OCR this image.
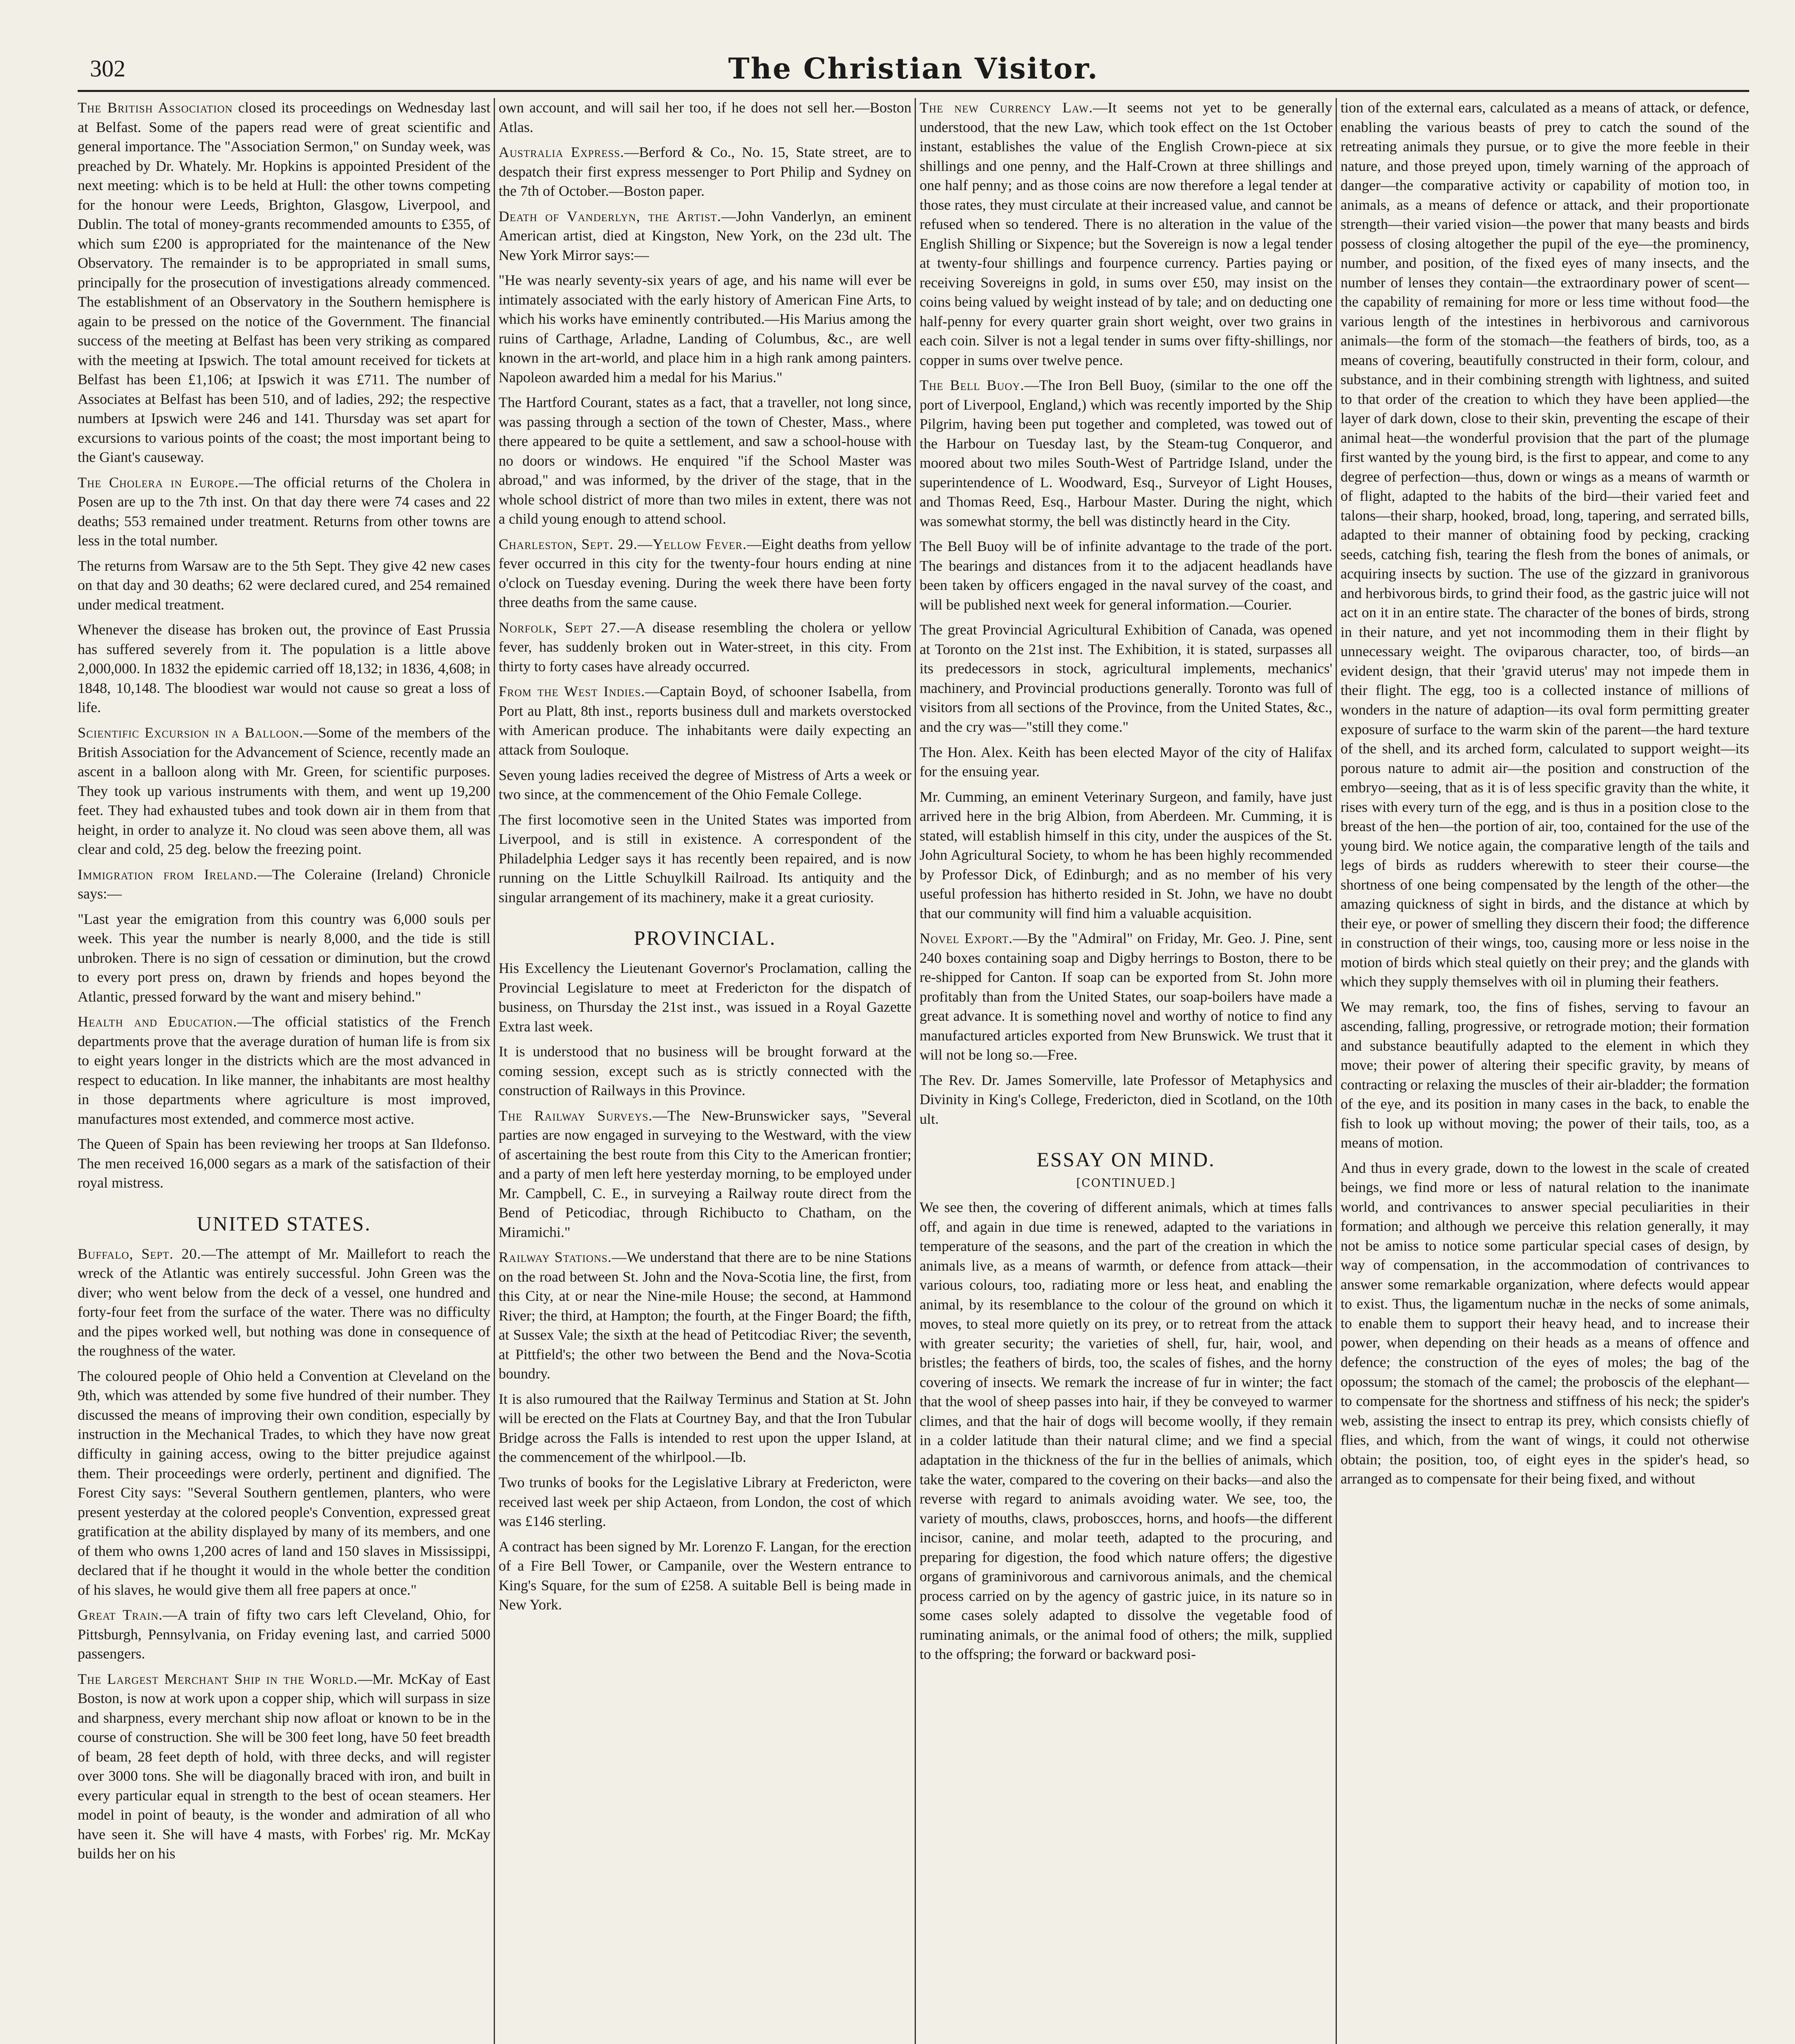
302	The Christian Visitor.

The British Association closed its proceedings on Wednesday last at Belfast. Some of the papers read were of great scientific and general importance. The "Association Sermon," on Sunday week, was preached by Dr. Whately. Mr. Hopkins is appointed President of the next meeting: which is to be held at Hull: the other towns competing for the honour were Leeds, Brighton, Glasgow, Liverpool, and Dublin. The total of money-grants recommended amounts to £355, of which sum £200 is appropriated for the maintenance of the New Observatory. The remainder is to be appropriated in small sums, principally for the prosecution of investigations already commenced. The establishment of an Observatory in the Southern hemisphere is again to be pressed on the notice of the Government. The financial success of the meeting at Belfast has been very striking as compared with the meeting at Ipswich. The total amount received for tickets at Belfast has been £1,106; at Ipswich it was £711. The number of Associates at Belfast has been 510, and of ladies, 292; the respective numbers at Ipswich were 246 and 141. Thursday was set apart for excursions to various points of the coast; the most important being to the Giant's causeway.

The Cholera in Europe.—The official returns of the Cholera in Posen are up to the 7th inst. On that day there were 74 cases and 22 deaths; 553 remained under treatment. Returns from other towns are less in the total number.

The returns from Warsaw are to the 5th Sept. They give 42 new cases on that day and 30 deaths; 62 were declared cured, and 254 remained under medical treatment.

Whenever the disease has broken out, the province of East Prussia has suffered severely from it. The population is a little above 2,000,000. In 1832 the epidemic carried off 18,132; in 1836, 4,608; in 1848, 10,148. The bloodiest war would not cause so great a loss of life.

Scientific Excursion in a Balloon.—Some of the members of the British Association for the Advancement of Science, recently made an ascent in a balloon along with Mr. Green, for scientific purposes. They took up various instruments with them, and went up 19,200 feet. They had exhausted tubes and took down air in them from that height, in order to analyze it. No cloud was seen above them, all was clear and cold, 25 deg. below the freezing point.

Immigration from Ireland.—The Coleraine (Ireland) Chronicle says:—

"Last year the emigration from this country was 6,000 souls per week. This year the number is nearly 8,000, and the tide is still unbroken. There is no sign of cessation or diminution, but the crowd to every port press on, drawn by friends and hopes beyond the Atlantic, pressed forward by the want and misery behind."

Health and Education.—The official statistics of the French departments prove that the average duration of human life is from six to eight years longer in the districts which are the most advanced in respect to education. In like manner, the inhabitants are most healthy in those departments where agriculture is most improved, manufactures most extended, and commerce most active.

The Queen of Spain has been reviewing her troops at San Ildefonso. The men received 16,000 segars as a mark of the satisfaction of their royal mistress.

UNITED STATES.

Buffalo, Sept. 20.—The attempt of Mr. Maillefort to reach the wreck of the Atlantic was entirely successful. John Green was the diver; who went below from the deck of a vessel, one hundred and forty-four feet from the surface of the water. There was no difficulty and the pipes worked well, but nothing was done in consequence of the roughness of the water.

The coloured people of Ohio held a Convention at Cleveland on the 9th, which was attended by some five hundred of their number. They discussed the means of improving their own condition, especially by instruction in the Mechanical Trades, to which they have now great difficulty in gaining access, owing to the bitter prejudice against them. Their proceedings were orderly, pertinent and dignified. The Forest City says: "Several Southern gentlemen, planters, who were present yesterday at the colored people's Convention, expressed great gratification at the ability displayed by many of its members, and one of them who owns 1,200 acres of land and 150 slaves in Mississippi, declared that if he thought it would in the whole better the condition of his slaves, he would give them all free papers at once."

Great Train.—A train of fifty two cars left Cleveland, Ohio, for Pittsburgh, Pennsylvania, on Friday evening last, and carried 5000 passengers.

The Largest Merchant Ship in the World.—Mr. McKay of East Boston, is now at work upon a copper ship, which will surpass in size and sharpness, every merchant ship now afloat or known to be in the course of construction. She will be 300 feet long, have 50 feet breadth of beam, 28 feet depth of hold, with three decks, and will register over 3000 tons. She will be diagonally braced with iron, and built in every particular equal in strength to the best of ocean steamers. Her model in point of beauty, is the wonder and admiration of all who have seen it. She will have 4 masts, with Forbes' rig. Mr. McKay builds her on his

own account, and will sail her too, if he does not sell her.—Boston Atlas.

Australia Express.—Berford & Co., No. 15, State street, are to despatch their first express messenger to Port Philip and Sydney on the 7th of October.—Boston paper.

Death of Vanderlyn, the Artist.—John Vanderlyn, an eminent American artist, died at Kingston, New York, on the 23d ult. The New York Mirror says:—

"He was nearly seventy-six years of age, and his name will ever be intimately associated with the early history of American Fine Arts, to which his works have eminently contributed.—His Marius among the ruins of Carthage, Arladne, Landing of Columbus, &c., are well known in the art-world, and place him in a high rank among painters. Napoleon awarded him a medal for his Marius."

The Hartford Courant, states as a fact, that a traveller, not long since, was passing through a section of the town of Chester, Mass., where there appeared to be quite a settlement, and saw a school-house with no doors or windows. He enquired "if the School Master was abroad," and was informed, by the driver of the stage, that in the whole school district of more than two miles in extent, there was not a child young enough to attend school.

Charleston, Sept. 29.—Yellow Fever.—Eight deaths from yellow fever occurred in this city for the twenty-four hours ending at nine o'clock on Tuesday evening. During the week there have been forty three deaths from the same cause.

Norfolk, Sept 27.—A disease resembling the cholera or yellow fever, has suddenly broken out in Water-street, in this city. From thirty to forty cases have already occurred.

From the West Indies.—Captain Boyd, of schooner Isabella, from Port au Platt, 8th inst., reports business dull and markets overstocked with American produce. The inhabitants were daily expecting an attack from Souloque.

Seven young ladies received the degree of Mistress of Arts a week or two since, at the commencement of the Ohio Female College.

The first locomotive seen in the United States was imported from Liverpool, and is still in existence. A correspondent of the Philadelphia Ledger says it has recently been repaired, and is now running on the Little Schuylkill Railroad. Its antiquity and the singular arrangement of its machinery, make it a great curiosity.

PROVINCIAL.

His Excellency the Lieutenant Governor's Proclamation, calling the Provincial Legislature to meet at Fredericton for the dispatch of business, on Thursday the 21st inst., was issued in a Royal Gazette Extra last week.

It is understood that no business will be brought forward at the coming session, except such as is strictly connected with the construction of Railways in this Province.

The Railway Surveys.—The New-Brunswicker says, "Several parties are now engaged in surveying to the Westward, with the view of ascertaining the best route from this City to the American frontier; and a party of men left here yesterday morning, to be employed under Mr. Campbell, C. E., in surveying a Railway route direct from the Bend of Peticodiac, through Richibucto to Chatham, on the Miramichi."

Railway Stations.—We understand that there are to be nine Stations on the road between St. John and the Nova-Scotia line, the first, from this City, at or near the Nine-mile House; the second, at Hammond River; the third, at Hampton; the fourth, at the Finger Board; the fifth, at Sussex Vale; the sixth at the head of Petitcodiac River; the seventh, at Pittfield's; the other two between the Bend and the Nova-Scotia boundry.

It is also rumoured that the Railway Terminus and Station at St. John will be erected on the Flats at Courtney Bay, and that the Iron Tubular Bridge across the Falls is intended to rest upon the upper Island, at the commencement of the whirlpool.—Ib.

Two trunks of books for the Legislative Library at Fredericton, were received last week per ship Actaeon, from London, the cost of which was £146 sterling.

A contract has been signed by Mr. Lorenzo F. Langan, for the erection of a Fire Bell Tower, or Campanile, over the Western entrance to King's Square, for the sum of £258. A suitable Bell is being made in New York.

The new Currency Law.—It seems not yet to be generally understood, that the new Law, which took effect on the 1st October instant, establishes the value of the English Crown-piece at six shillings and one penny, and the Half-Crown at three shillings and one half penny; and as those coins are now therefore a legal tender at those rates, they must circulate at their increased value, and cannot be refused when so tendered. There is no alteration in the value of the English Shilling or Sixpence; but the Sovereign is now a legal tender at twenty-four shillings and fourpence currency. Parties paying or receiving Sovereigns in gold, in sums over £50, may insist on the coins being valued by weight instead of by tale; and on deducting one half-penny for every quarter grain short weight, over two grains in each coin. Silver is not a legal tender in sums over fifty-shillings, nor copper in sums over twelve pence.

The Bell Buoy.—The Iron Bell Buoy, (similar to the one off the port of Liverpool, England,) which was recently imported by the Ship Pilgrim, having been put together and completed, was towed out of the Harbour on Tuesday last, by the Steam-tug Conqueror, and moored about two miles South-West of Partridge Island, under the superintendence of L. Woodward, Esq., Surveyor of Light Houses, and Thomas Reed, Esq., Harbour Master. During the night, which was somewhat stormy, the bell was distinctly heard in the City.

The Bell Buoy will be of infinite advantage to the trade of the port. The bearings and distances from it to the adjacent headlands have been taken by officers engaged in the naval survey of the coast, and will be published next week for general information.—Courier.

The great Provincial Agricultural Exhibition of Canada, was opened at Toronto on the 21st inst. The Exhibition, it is stated, surpasses all its predecessors in stock, agricultural implements, mechanics' machinery, and Provincial productions generally. Toronto was full of visitors from all sections of the Province, from the United States, &c., and the cry was—"still they come."

The Hon. Alex. Keith has been elected Mayor of the city of Halifax for the ensuing year.

Mr. Cumming, an eminent Veterinary Surgeon, and family, have just arrived here in the brig Albion, from Aberdeen. Mr. Cumming, it is stated, will establish himself in this city, under the auspices of the St. John Agricultural Society, to whom he has been highly recommended by Professor Dick, of Edinburgh; and as no member of his very useful profession has hitherto resided in St. John, we have no doubt that our community will find him a valuable acquisition.

Novel Export.—By the "Admiral" on Friday, Mr. Geo. J. Pine, sent 240 boxes containing soap and Digby herrings to Boston, there to be re-shipped for Canton. If soap can be exported from St. John more profitably than from the United States, our soap-boilers have made a great advance. It is something novel and worthy of notice to find any manufactured articles exported from New Brunswick. We trust that it will not be long so.—Free.

The Rev. Dr. James Somerville, late Professor of Metaphysics and Divinity in King's College, Fredericton, died in Scotland, on the 10th ult.

ESSAY ON MIND.
[CONTINUED.]

We see then, the covering of different animals, which at times falls off, and again in due time is renewed, adapted to the variations in temperature of the seasons, and the part of the creation in which the animals live, as a means of warmth, or defence from attack—their various colours, too, radiating more or less heat, and enabling the animal, by its resemblance to the colour of the ground on which it moves, to steal more quietly on its prey, or to retreat from the attack with greater security; the varieties of shell, fur, hair, wool, and bristles; the feathers of birds, too, the scales of fishes, and the horny covering of insects. We remark the increase of fur in winter; the fact that the wool of sheep passes into hair, if they be conveyed to warmer climes, and that the hair of dogs will become woolly, if they remain in a colder latitude than their natural clime; and we find a special adaptation in the thickness of the fur in the bellies of animals, which take the water, compared to the covering on their backs—and also the reverse with regard to animals avoiding water. We see, too, the variety of mouths, claws, proboscces, horns, and hoofs—the different incisor, canine, and molar teeth, adapted to the procuring, and preparing for digestion, the food which nature offers; the digestive organs of graminivorous and carnivorous animals, and the chemical process carried on by the agency of gastric juice, in its nature so in some cases solely adapted to dissolve the vegetable food of ruminating animals, or the animal food of others; the milk, supplied to the offspring; the forward or backward posi-

tion of the external ears, calculated as a means of attack, or defence, enabling the various beasts of prey to catch the sound of the retreating animals they pursue, or to give the more feeble in their nature, and those preyed upon, timely warning of the approach of danger—the comparative activity or capability of motion too, in animals, as a means of defence or attack, and their proportionate strength—their varied vision—the power that many beasts and birds possess of closing altogether the pupil of the eye—the prominency, number, and position, of the fixed eyes of many insects, and the number of lenses they contain—the extraordinary power of scent—the capability of remaining for more or less time without food—the various length of the intestines in herbivorous and carnivorous animals—the form of the stomach—the feathers of birds, too, as a means of covering, beautifully constructed in their form, colour, and substance, and in their combining strength with lightness, and suited to that order of the creation to which they have been applied—the layer of dark down, close to their skin, preventing the escape of their animal heat—the wonderful provision that the part of the plumage first wanted by the young bird, is the first to appear, and come to any degree of perfection—thus, down or wings as a means of warmth or of flight, adapted to the habits of the bird—their varied feet and talons—their sharp, hooked, broad, long, tapering, and serrated bills, adapted to their manner of obtaining food by pecking, cracking seeds, catching fish, tearing the flesh from the bones of animals, or acquiring insects by suction. The use of the gizzard in granivorous and herbivorous birds, to grind their food, as the gastric juice will not act on it in an entire state. The character of the bones of birds, strong in their nature, and yet not incommoding them in their flight by unnecessary weight. The oviparous character, too, of birds—an evident design, that their 'gravid uterus' may not impede them in their flight. The egg, too is a collected instance of millions of wonders in the nature of adaption—its oval form permitting greater exposure of surface to the warm skin of the parent—the hard texture of the shell, and its arched form, calculated to support weight—its porous nature to admit air—the position and construction of the embryo—seeing, that as it is of less specific gravity than the white, it rises with every turn of the egg, and is thus in a position close to the breast of the hen—the portion of air, too, contained for the use of the young bird. We notice again, the comparative length of the tails and legs of birds as rudders wherewith to steer their course—the shortness of one being compensated by the length of the other—the amazing quickness of sight in birds, and the distance at which by their eye, or power of smelling they discern their food; the difference in construction of their wings, too, causing more or less noise in the motion of birds which steal quietly on their prey; and the glands with which they supply themselves with oil in pluming their feathers.

We may remark, too, the fins of fishes, serving to favour an ascending, falling, progressive, or retrograde motion; their formation and substance beautifully adapted to the element in which they move; their power of altering their specific gravity, by means of contracting or relaxing the muscles of their air-bladder; the formation of the eye, and its position in many cases in the back, to enable the fish to look up without moving; the power of their tails, too, as a means of motion.

And thus in every grade, down to the lowest in the scale of created beings, we find more or less of natural relation to the inanimate world, and contrivances to answer special peculiarities in their formation; and although we perceive this relation generally, it may not be amiss to notice some particular special cases of design, by way of compensation, in the accommodation of contrivances to answer some remarkable organization, where defects would appear to exist. Thus, the ligamentum nuchæ in the necks of some animals, to enable them to support their heavy head, and to increase their power, when depending on their heads as a means of offence and defence; the construction of the eyes of moles; the bag of the opossum; the stomach of the camel; the proboscis of the elephant—to compensate for the shortness and stiffness of his neck; the spider's web, assisting the insect to entrap its prey, which consists chiefly of flies, and which, from the want of wings, it could not otherwise obtain; the position, too, of eight eyes in the spider's head, so arranged as to compensate for their being fixed, and without
